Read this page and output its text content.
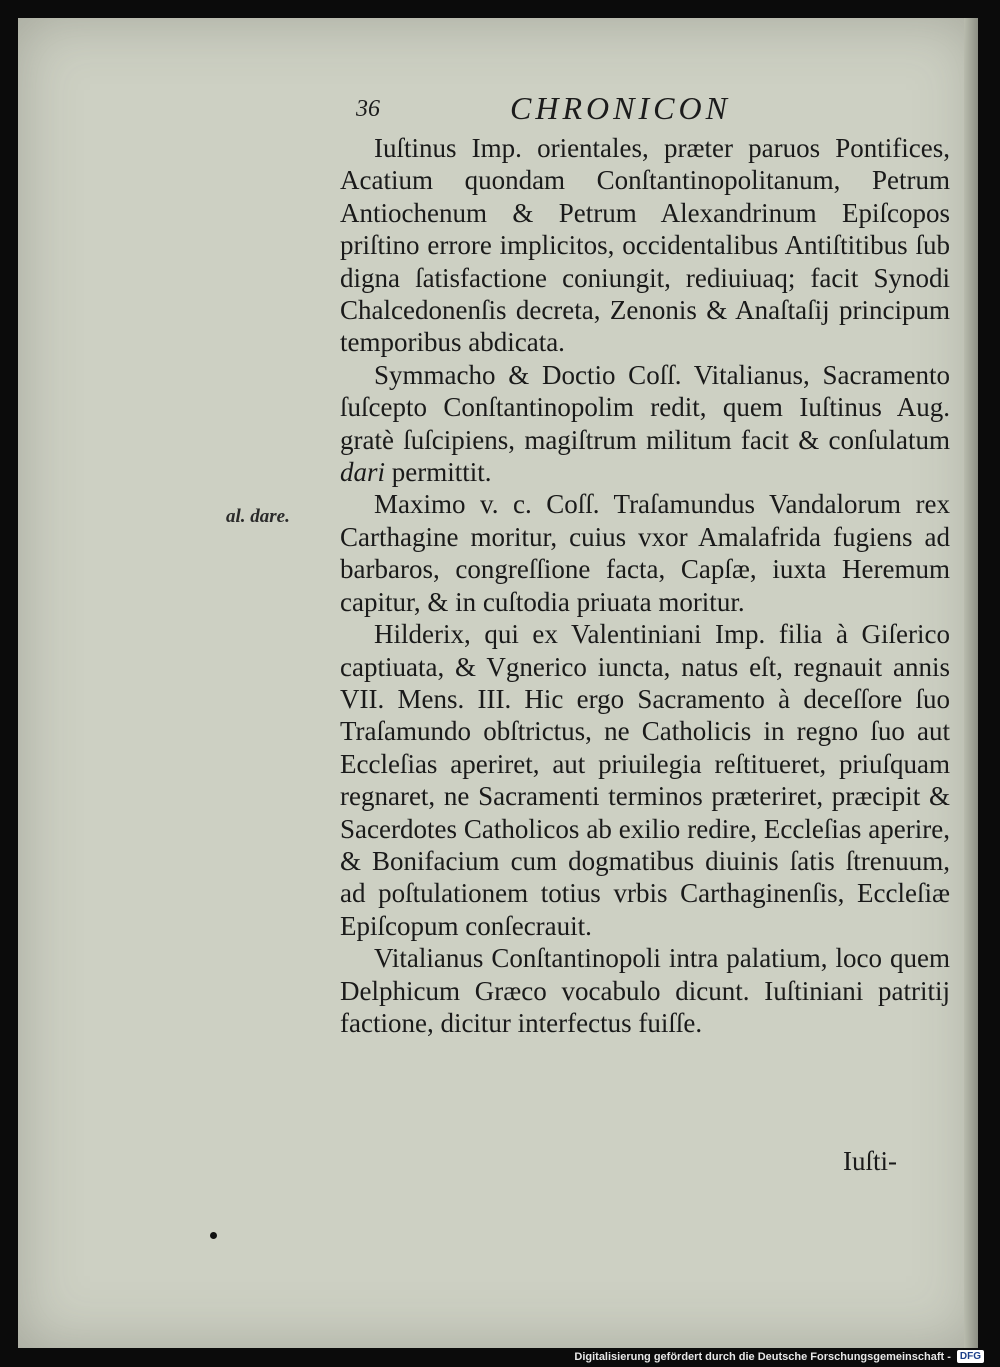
36	CHRONICON
al. dare.

Iuſtinus Imp. orientales, præter paruos Pontifices, Acatium quondam Conſtantinopolitanum, Petrum Antiochenum & Petrum Alexandrinum Epiſcopos priſtino errore implicitos, occidentalibus Antiſtitibus ſub digna ſatisfactione coniungit, rediuiuaq; facit Synodi Chalcedonenſis decreta, Zenonis & Anaſtaſij principum temporibus abdicata.

Symmacho & Doctio Coſſ. Vitalianus, Sacramento ſuſcepto Conſtantinopolim redit, quem Iuſtinus Aug. gratè ſuſcipiens, magiſtrum militum facit & conſulatum dari permittit.

Maximo v. c. Coſſ. Traſamundus Vandalorum rex Carthagine moritur, cuius vxor Amalafrida fugiens ad barbaros, congreſſione facta, Capſæ, iuxta Heremum capitur, & in cuſtodia priuata moritur.

Hilderix, qui ex Valentiniani Imp. filia à Giſerico captiuata, & Vgnerico iuncta, natus eſt, regnauit annis VII. Mens. III. Hic ergo Sacramento à deceſſore ſuo Traſamundo obſtrictus, ne Catholicis in regno ſuo aut Eccleſias aperiret, aut priuilegia reſtitueret, priuſquam regnaret, ne Sacramenti terminos præteriret, præcipit & Sacerdotes Catholicos ab exilio redire, Eccleſias aperire, & Bonifacium cum dogmatibus diuinis ſatis ſtrenuum, ad poſtulationem totius vrbis Carthaginenſis, Eccleſiæ Epiſcopum conſecrauit.

Vitalianus Conſtantinopoli intra palatium, loco quem Delphicum Græco vocabulo dicunt. Iuſtiniani patritij factione, dicitur interfectus fuiſſe.

Iuſti-
Digitalisierung gefördert durch die Deutsche Forschungsgemeinschaft - DFG
